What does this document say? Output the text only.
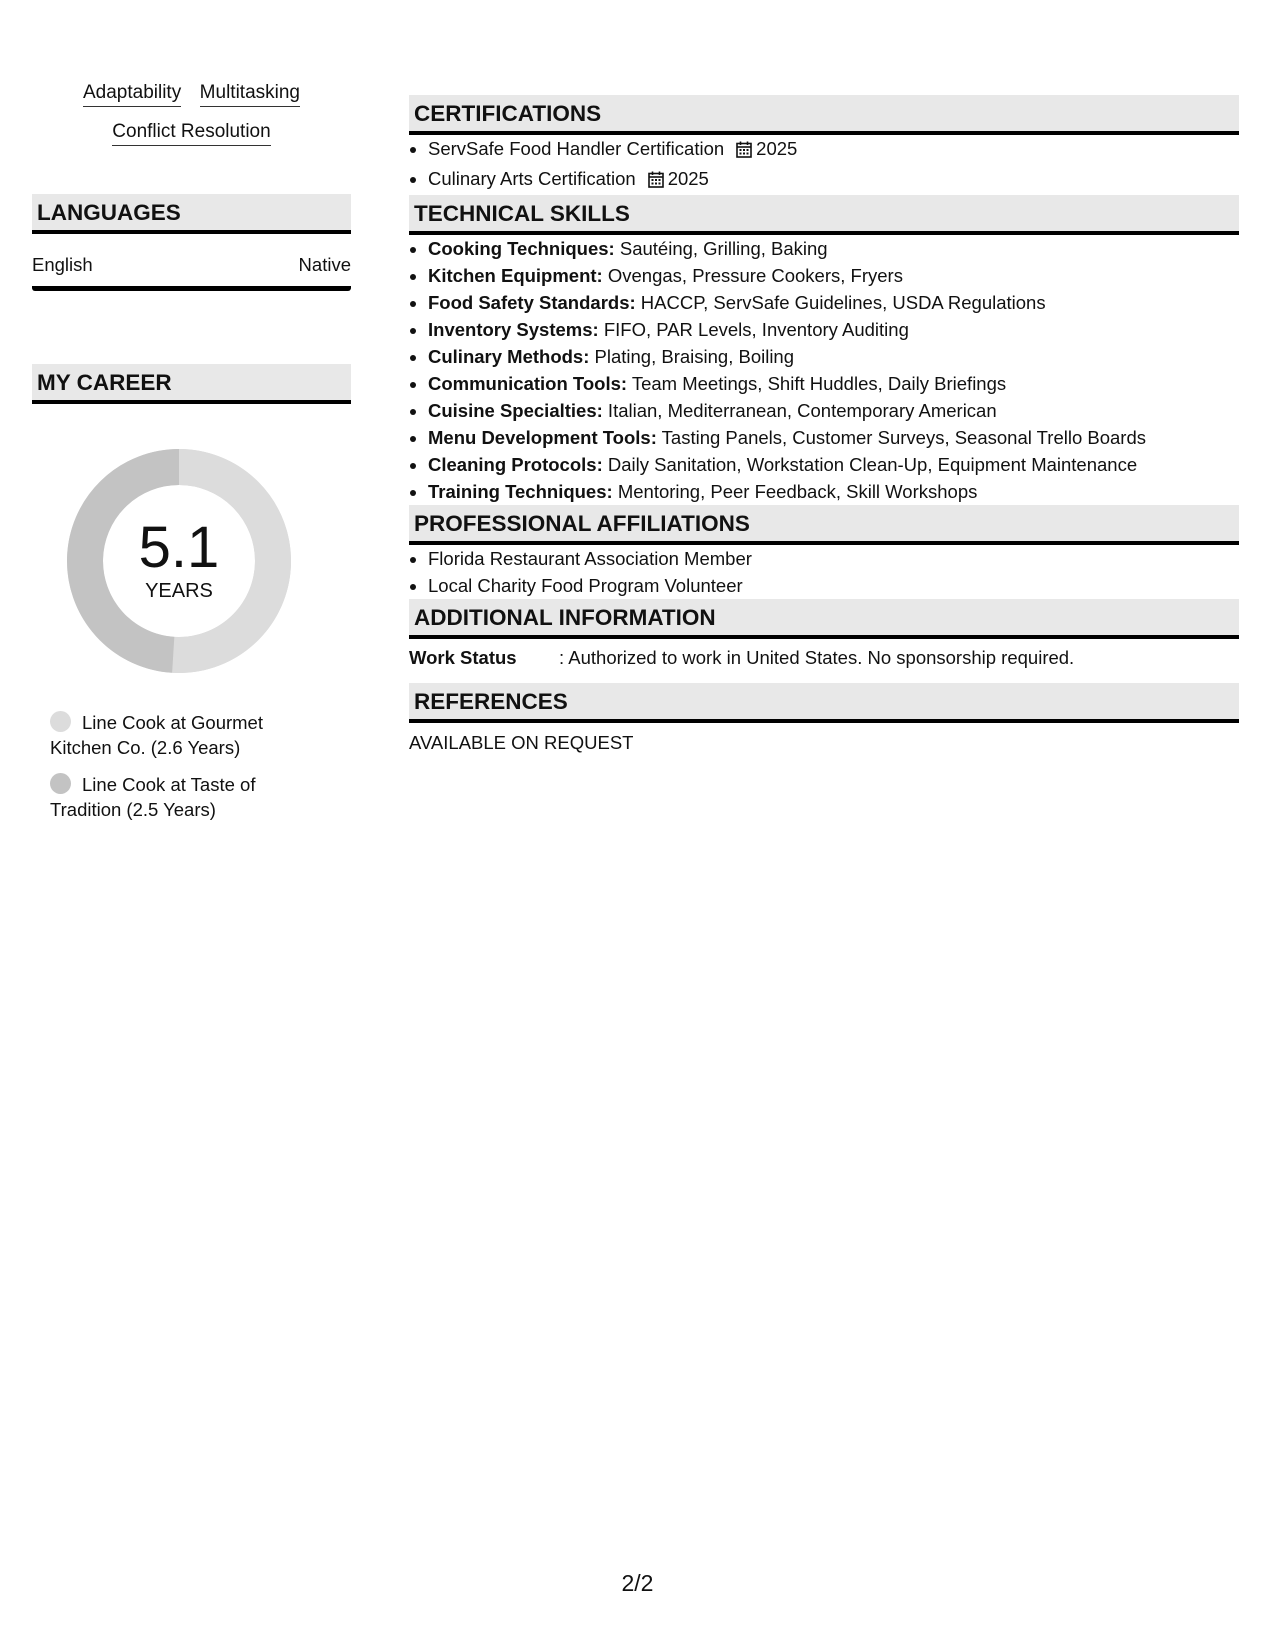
Adaptability Multitasking
Conflict Resolution
LANGUAGES
English	Native
MY CAREER
5.1
YEARS
Line Cook at Gourmet Kitchen Co. (2.6 Years)
Line Cook at Taste of Tradition (2.5 Years)
CERTIFICATIONS
• ServSafe Food Handler Certification 2025
• Culinary Arts Certification 2025
TECHNICAL SKILLS
• Cooking Techniques: Sautéing, Grilling, Baking
• Kitchen Equipment: Ovengas, Pressure Cookers, Fryers
• Food Safety Standards: HACCP, ServSafe Guidelines, USDA Regulations
• Inventory Systems: FIFO, PAR Levels, Inventory Auditing
• Culinary Methods: Plating, Braising, Boiling
• Communication Tools: Team Meetings, Shift Huddles, Daily Briefings
• Cuisine Specialties: Italian, Mediterranean, Contemporary American
• Menu Development Tools: Tasting Panels, Customer Surveys, Seasonal Trello Boards
• Cleaning Protocols: Daily Sanitation, Workstation Clean-Up, Equipment Maintenance
• Training Techniques: Mentoring, Peer Feedback, Skill Workshops
PROFESSIONAL AFFILIATIONS
• Florida Restaurant Association Member
• Local Charity Food Program Volunteer
ADDITIONAL INFORMATION
Work Status	: Authorized to work in United States. No sponsorship required.
REFERENCES
AVAILABLE ON REQUEST
2/2
